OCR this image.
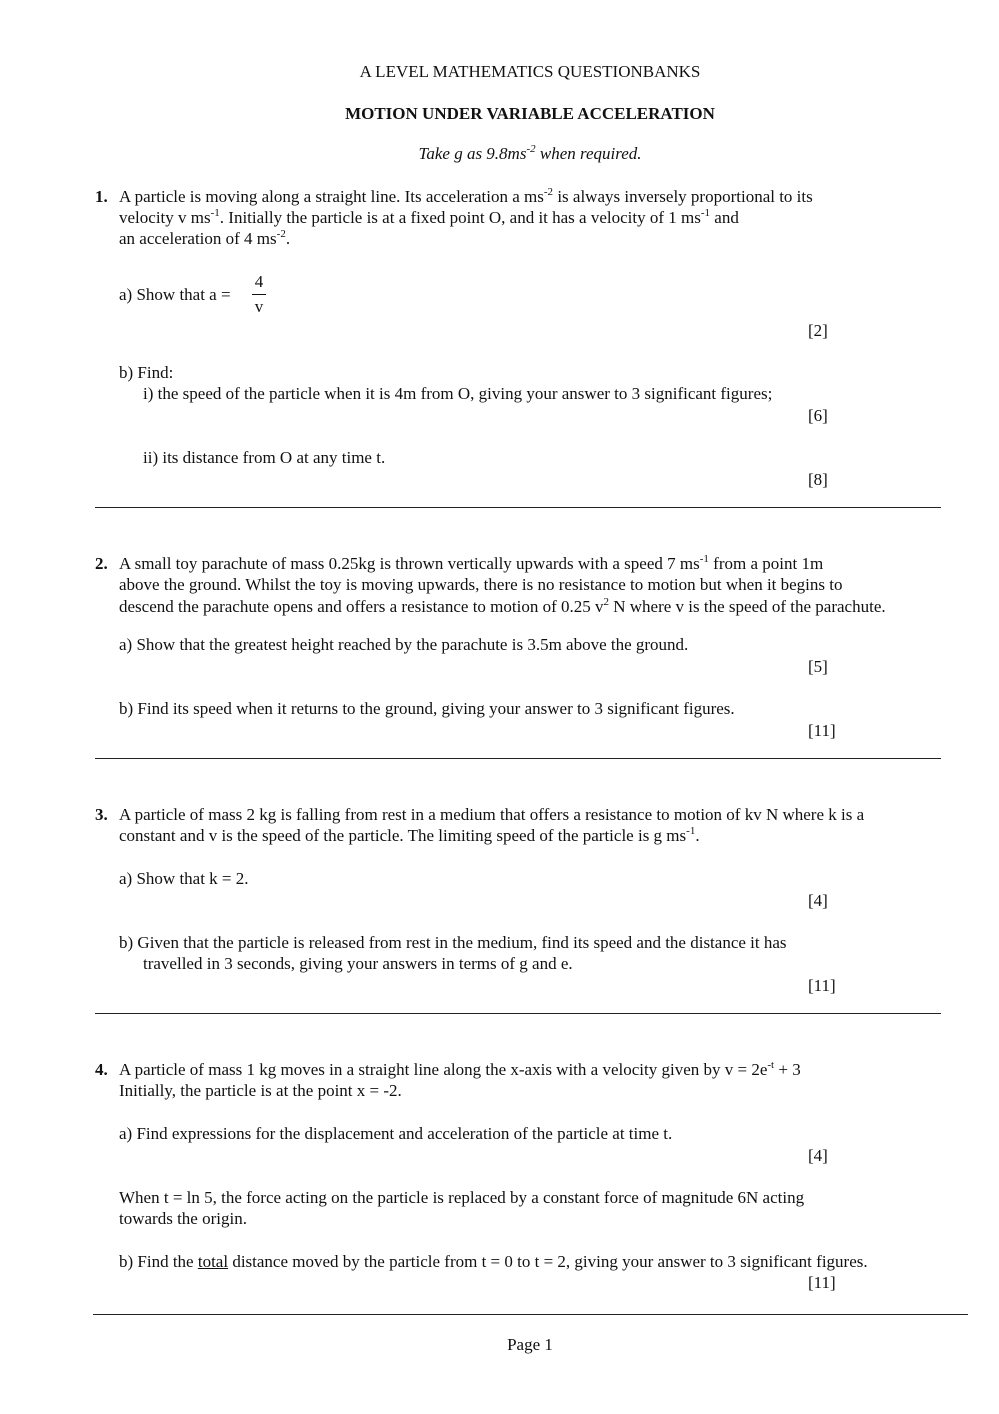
A LEVEL MATHEMATICS QUESTIONBANKS
MOTION UNDER VARIABLE ACCELERATION
Take g as $9.8ms^{-2}$ when required.
1. A particle is moving along a straight line. Its acceleration a $ms^{-2}$ is always inversely proportional to its
velocity v $ms^{-1}$. Initially the particle is at a fixed point O, and it has a velocity of 1 $ms^{-1}$ and
an acceleration of 4 $ms^{-2}$.
a) Show that a =
4
v
[2]
b) Find:
i) the speed of the particle when it is 4m from O, giving your answer to 3 significant figures;
[6]
ii) its distance from O at any time t.
[8]
2. A small toy parachute of mass 0.25kg is thrown vertically upwards with a speed 7 $ms^{-1}$ from a point 1m
above the ground. Whilst the toy is moving upwards, there is no resistance to motion but when it begins to
descend the parachute opens and offers a resistance to motion of 0.25 $v^2$ N where v is the speed of the parachute.
a) Show that the greatest height reached by the parachute is 3.5m above the ground.
[5]
b) Find its speed when it returns to the ground, giving your answer to 3 significant figures.
[11]
3. A particle of mass 2 kg is falling from rest in a medium that offers a resistance to motion of kv N where k is a
constant and v is the speed of the particle. The limiting speed of the particle is g $ms^{-1}$.
a) Show that k = 2.
[4]
b) Given that the particle is released from rest in the medium, find its speed and the distance it has
travelled in 3 seconds, giving your answers in terms of g and e.
[11]
4. A particle of mass 1 kg moves in a straight line along the x-axis with a velocity given by $v = 2e^{-t} + 3$
Initially, the particle is at the point x = -2.
a) Find expressions for the displacement and acceleration of the particle at time t.
[4]
When t = ln 5, the force acting on the particle is replaced by a constant force of magnitude 6N acting
towards the origin.
b) Find the total distance moved by the particle from t = 0 to t = 2, giving your answer to 3 significant figures.
[11]
Page 1
